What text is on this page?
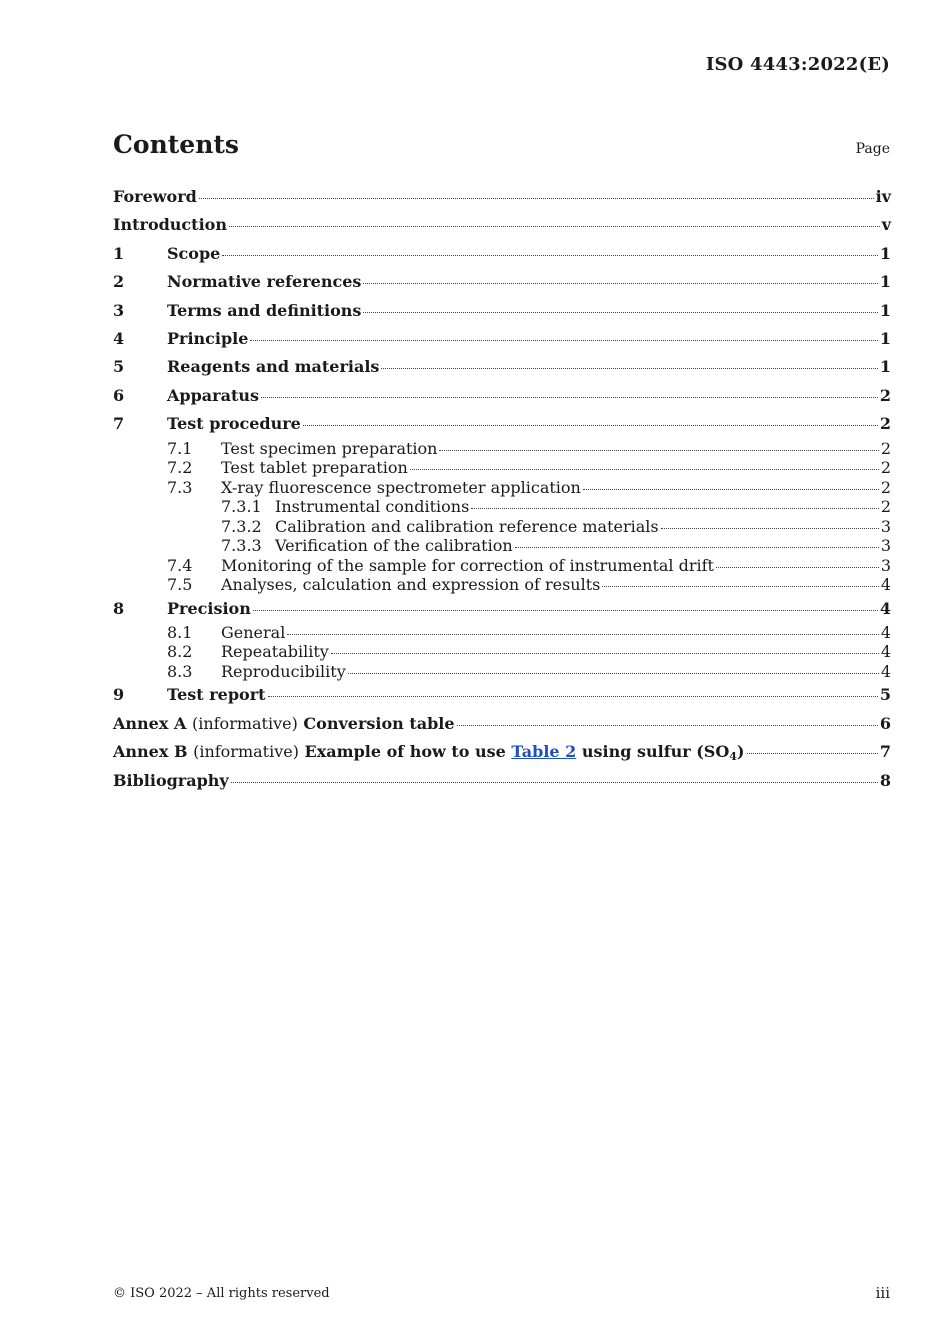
ISO 4443:2022(E)
Contents	Page
Foreword	iv
Introduction	v
1	Scope	1
2	Normative references	1
3	Terms and definitions	1
4	Principle	1
5	Reagents and materials	1
6	Apparatus	2
7	Test procedure	2
7.1	Test specimen preparation	2
7.2	Test tablet preparation	2
7.3	X-ray fluorescence spectrometer application	2
7.3.1 Instrumental conditions	2
7.3.2 Calibration and calibration reference materials	3
7.3.3 Verification of the calibration	3
7.4	Monitoring of the sample for correction of instrumental drift	3
7.5	Analyses, calculation and expression of results	4
8	Precision	4
8.1	General	4
8.2	Repeatability	4
8.3	Reproducibility	4
9	Test report	5
Annex A (informative) Conversion table	6
Annex B (informative) Example of how to use Table 2 using sulfur $(SO_4)$	7
Bibliography	8
© ISO 2022 – All rights reserved	iii
